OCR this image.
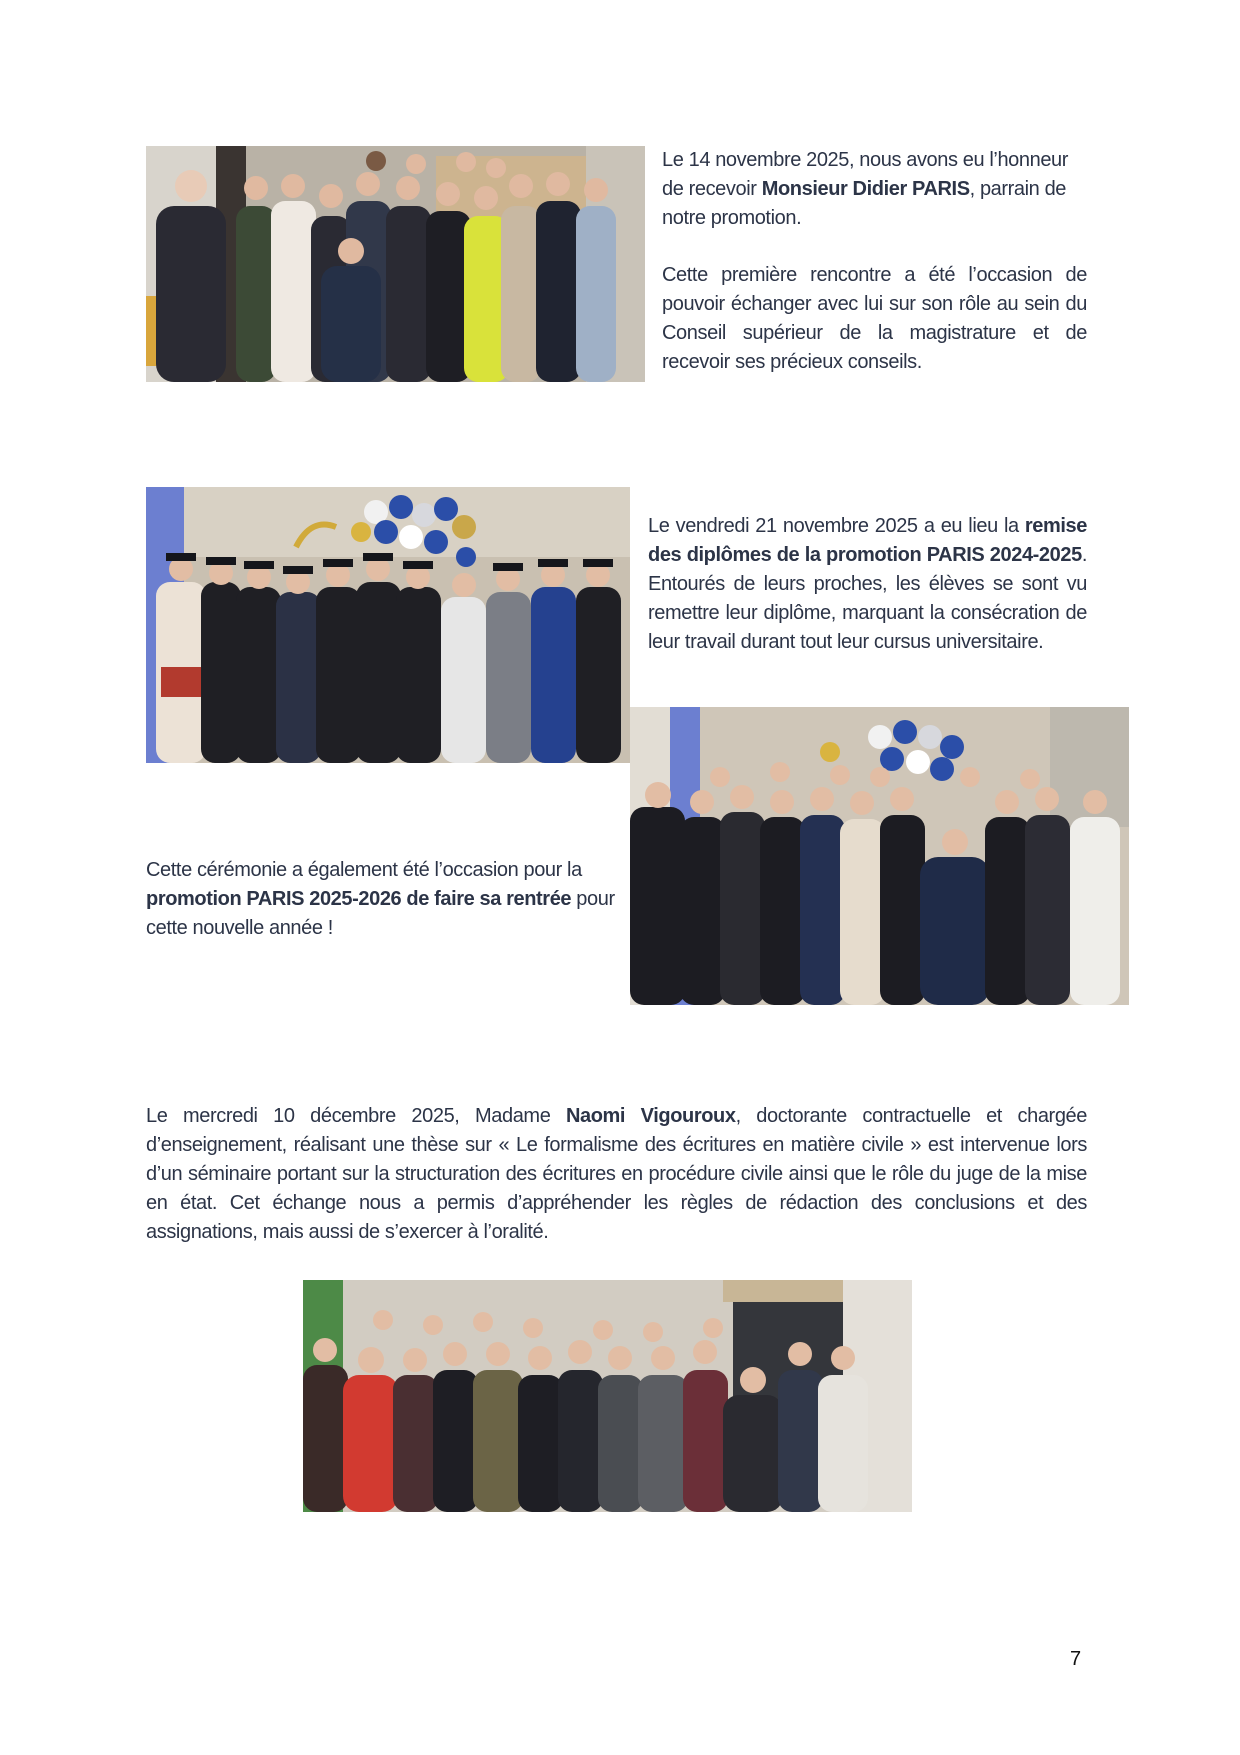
Le 14 novembre 2025, nous avons eu l’honneur de recevoir Monsieur Didier PARIS, parrain de notre promotion.

Cette première rencontre a été l’occasion de pouvoir échanger avec lui sur son rôle au sein du Conseil supérieur de la magistrature et de recevoir ses précieux conseils.

Le vendredi 21 novembre 2025 a eu lieu la remise des diplômes de la promotion PARIS 2024-2025. Entourés de leurs proches, les élèves se sont vu remettre leur diplôme, marquant la consécration de leur travail durant tout leur cursus universitaire.

Cette cérémonie a également été l’occasion pour la promotion PARIS 2025-2026 de faire sa rentrée pour cette nouvelle année !

Le mercredi 10 décembre 2025, Madame Naomi Vigouroux, doctorante contractuelle et chargée d’enseignement, réalisant une thèse sur « Le formalisme des écritures en matière civile » est intervenue lors d’un séminaire portant sur la structuration des écritures en procédure civile ainsi que le rôle du juge de la mise en état. Cet échange nous a permis d’appréhender les règles de rédaction des conclusions et des assignations, mais aussi de s’exercer à l’oralité.

7
